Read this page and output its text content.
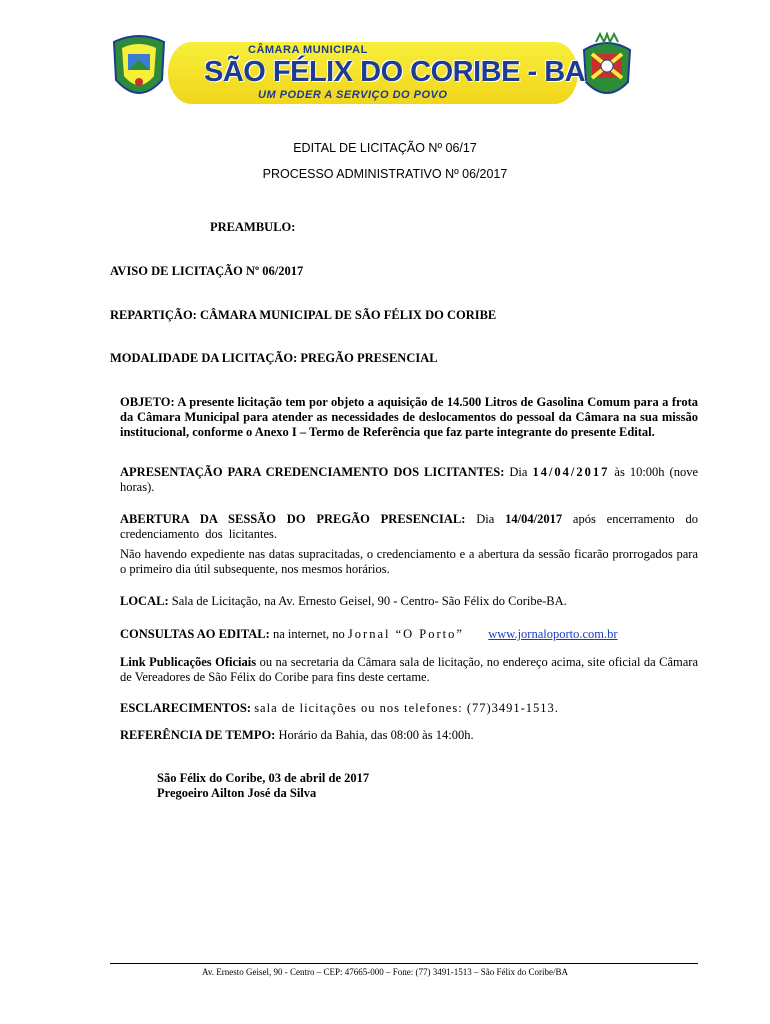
CÂMARA MUNICIPAL
SÃO FÉLIX DO CORIBE - BA
UM PODER A SERVIÇO DO POVO
EDITAL DE LICITAÇÃO Nº 06/17
PROCESSO ADMINISTRATIVO Nº 06/2017
PREAMBULO:
AVISO DE LICITAÇÃO Nº 06/2017
REPARTIÇÃO: CÂMARA MUNICIPAL DE SÃO FÉLIX DO CORIBE
MODALIDADE DA LICITAÇÃO: PREGÃO PRESENCIAL
OBJETO: A presente licitação tem por objeto a aquisição de 14.500 Litros de Gasolina Comum para a frota da Câmara Municipal para atender as necessidades de deslocamentos do pessoal da Câmara na sua missão institucional, conforme o Anexo I – Termo de Referência que faz parte integrante do presente Edital.
APRESENTAÇÃO PARA CREDENCIAMENTO DOS LICITANTES: Dia 14/04/2017 às 10:00h (nove horas).
ABERTURA DA SESSÃO DO PREGÃO PRESENCIAL: Dia 14/04/2017 após encerramento do credenciamento dos licitantes.
Não havendo expediente nas datas supracitadas, o credenciamento e a abertura da sessão ficarão prorrogados para o primeiro dia útil subsequente, nos mesmos horários.
LOCAL: Sala de Licitação, na Av. Ernesto Geisel, 90 - Centro- São Félix do Coribe-BA.
CONSULTAS AO EDITAL: na internet, no Jornal “O Porto” www.jornaloporto.com.br
Link Publicações Oficiais ou na secretaria da Câmara sala de licitação, no endereço acima, site oficial da Câmara de Vereadores de São Félix do Coribe para fins deste certame.
ESCLARECIMENTOS: sala de licitações ou nos telefones: (77)3491-1513.
REFERÊNCIA DE TEMPO: Horário da Bahia, das 08:00 às 14:00h.
São Félix do Coribe, 03 de abril de 2017
Pregoeiro Ailton José da Silva
Av. Ernesto Geisel, 90 - Centro – CEP: 47665-000 – Fone: (77) 3491-1513 – São Félix do Coribe/BA
